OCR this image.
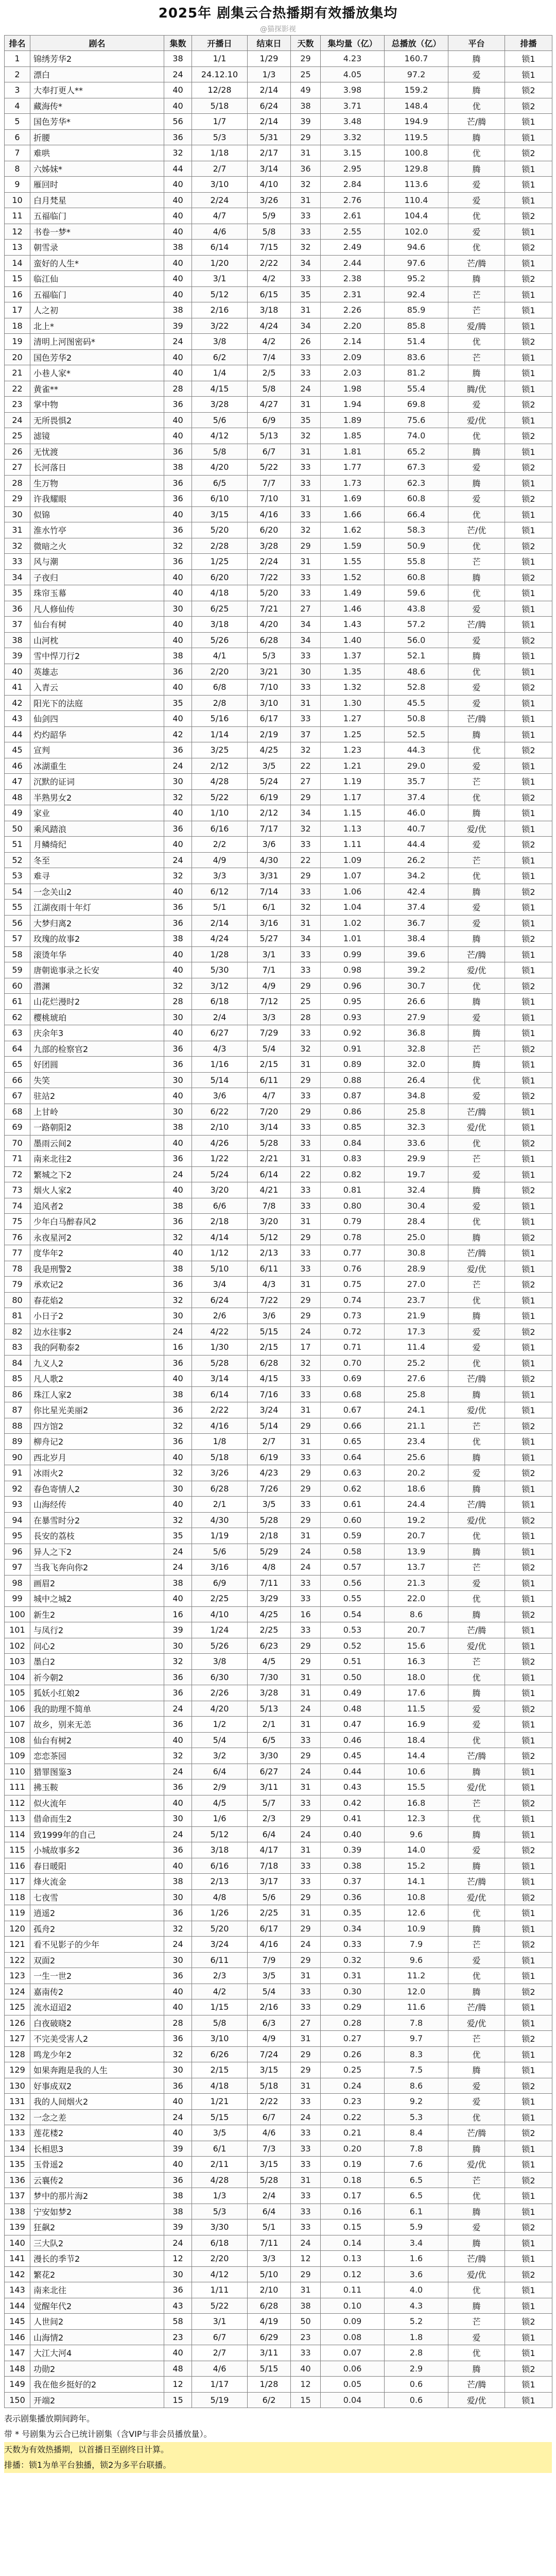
2025年 剧集云合热播期有效播放集均
@猫探影视
排名	剧名	集数	开播日	结束日	天数	集均量（亿）	总播放（亿）	平台	排播
1	锦绣芳华2	38	1/1	1/29	29	4.23	160.7	腾	锁1
2	漂白	24	24.12.10	1/3	25	4.05	97.2	爱	锁1
3	大奉打更人**	40	12/28	2/14	49	3.98	159.2	腾	锁2
4	藏海传*	40	5/18	6/24	38	3.71	148.4	优	锁2
5	国色芳华*	56	1/7	2/14	39	3.48	194.9	芒/腾	锁1
6	折腰	36	5/3	5/31	29	3.32	119.5	腾	锁1
7	难哄	32	1/18	2/17	31	3.15	100.8	优	锁2
8	六姊妹*	44	2/7	3/14	36	2.95	129.8	腾	锁1
9	雁回时	40	3/10	4/10	32	2.84	113.6	爱	锁1
10	白月梵星	40	2/24	3/26	31	2.76	110.4	爱	锁1
11	五福临门	40	4/7	5/9	33	2.61	104.4	优	锁2
12	书卷一梦*	40	4/6	5/8	33	2.55	102.0	爱	锁1
13	朝雪录	38	6/14	7/15	32	2.49	94.6	优	锁2
14	蛮好的人生*	40	1/20	2/22	34	2.44	97.6	芒/腾	锁1
15	临江仙	40	3/1	4/2	33	2.38	95.2	腾	锁2
16	五福临门	40	5/12	6/15	35	2.31	92.4	芒	锁1
17	人之初	38	2/16	3/18	31	2.26	85.9	芒	锁1
18	北上*	39	3/22	4/24	34	2.20	85.8	爱/腾	锁1
19	清明上河图密码*	24	3/8	4/2	26	2.14	51.4	优	锁2
20	国色芳华2	40	6/2	7/4	33	2.09	83.6	芒	锁1
21	小巷人家*	40	1/4	2/5	33	2.03	81.2	腾	锁1
22	黄雀**	28	4/15	5/8	24	1.98	55.4	腾/优	锁1
23	掌中物	36	3/28	4/27	31	1.94	69.8	爱	锁2
24	无所畏惧2	40	5/6	6/9	35	1.89	75.6	爱/优	锁1
25	滤镜	40	4/12	5/13	32	1.85	74.0	优	锁2
26	无忧渡	36	5/8	6/7	31	1.81	65.2	腾	锁1
27	长河落日	38	4/20	5/22	33	1.77	67.3	爱	锁2
28	生万物	36	6/5	7/7	33	1.73	62.3	腾	锁1
29	许我耀眼	36	6/10	7/10	31	1.69	60.8	爱	锁2
30	似锦	40	3/15	4/16	33	1.66	66.4	优	锁1
31	淮水竹亭	36	5/20	6/20	32	1.62	58.3	芒/优	锁1
32	微暗之火	32	2/28	3/28	29	1.59	50.9	优	锁2
33	风与潮	36	1/25	2/24	31	1.55	55.8	芒	锁1
34	子夜归	40	6/20	7/22	33	1.52	60.8	腾	锁2
35	珠帘玉幕	40	4/18	5/20	33	1.49	59.6	优	锁1
36	凡人修仙传	30	6/25	7/21	27	1.46	43.8	爱	锁1
37	仙台有树	40	3/18	4/20	34	1.43	57.2	芒/腾	锁1
38	山河枕	40	5/26	6/28	34	1.40	56.0	爱	锁2
39	雪中悍刀行2	38	4/1	5/3	33	1.37	52.1	腾	锁1
40	英雄志	36	2/20	3/21	30	1.35	48.6	优	锁1
41	入青云	40	6/8	7/10	33	1.32	52.8	爱	锁2
42	阳光下的法庭	35	2/8	3/10	31	1.30	45.5	爱	锁1
43	仙剑四	40	5/16	6/17	33	1.27	50.8	芒/腾	锁1
44	灼灼韶华	42	1/14	2/19	37	1.25	52.5	腾	锁1
45	宣判	36	3/25	4/25	32	1.23	44.3	优	锁2
46	冰湖重生	24	2/12	3/5	22	1.21	29.0	爱	锁1
47	沉默的证词	30	4/28	5/24	27	1.19	35.7	芒	锁1
48	半熟男女2	32	5/22	6/19	29	1.17	37.4	优	锁2
49	家业	40	1/10	2/12	34	1.15	46.0	腾	锁1
50	乘风踏浪	36	6/16	7/17	32	1.13	40.7	爱/优	锁1
51	月鳞绮纪	40	2/2	3/6	33	1.11	44.4	爱	锁2
52	冬至	24	4/9	4/30	22	1.09	26.2	芒	锁1
53	难寻	32	3/3	3/31	29	1.07	34.2	优	锁1
54	一念关山2	40	6/12	7/14	33	1.06	42.4	腾	锁2
55	江湖夜雨十年灯	36	5/1	6/1	32	1.04	37.4	爱	锁1
56	大梦归离2	36	2/14	3/16	31	1.02	36.7	爱	锁1
57	玫瑰的故事2	38	4/24	5/27	34	1.01	38.4	腾	锁2
58	滚烫年华	40	1/28	3/1	33	0.99	39.6	芒/腾	锁1
59	唐朝诡事录之长安	40	5/30	7/1	33	0.98	39.2	爱/优	锁1
60	潜渊	32	3/12	4/9	29	0.96	30.7	优	锁2
61	山花烂漫时2	28	6/18	7/12	25	0.95	26.6	腾	锁1
62	樱桃琥珀	30	2/4	3/3	28	0.93	27.9	爱	锁1
63	庆余年3	40	6/27	7/29	33	0.92	36.8	腾	锁1
64	九部的检察官2	36	4/3	5/4	32	0.91	32.8	芒	锁2
65	好团圆	36	1/16	2/15	31	0.89	32.0	腾	锁1
66	失笑	30	5/14	6/11	29	0.88	26.4	优	锁1
67	驻站2	40	3/6	4/7	33	0.87	34.8	爱	锁2
68	上甘岭	30	6/22	7/20	29	0.86	25.8	芒/腾	锁1
69	一路朝阳2	38	2/10	3/14	33	0.85	32.3	爱/优	锁1
70	墨雨云间2	40	4/26	5/28	33	0.84	33.6	优	锁2
71	南来北往2	36	1/22	2/21	31	0.83	29.9	芒	锁1
72	繁城之下2	24	5/24	6/14	22	0.82	19.7	爱	锁1
73	烟火人家2	40	3/20	4/21	33	0.81	32.4	腾	锁2
74	追风者2	38	6/6	7/8	33	0.80	30.4	爱	锁1
75	少年白马醉春风2	36	2/18	3/20	31	0.79	28.4	优	锁1
76	永夜星河2	32	4/14	5/12	29	0.78	25.0	腾	锁2
77	度华年2	40	1/12	2/13	33	0.77	30.8	芒/腾	锁1
78	我是刑警2	38	5/10	6/11	33	0.76	28.9	爱/优	锁1
79	承欢记2	36	3/4	4/3	31	0.75	27.0	芒	锁2
80	春花焰2	32	6/24	7/22	29	0.74	23.7	优	锁1
81	小日子2	30	2/6	3/6	29	0.73	21.9	腾	锁1
82	边水往事2	24	4/22	5/15	24	0.72	17.3	爱	锁2
83	我的阿勒泰2	16	1/30	2/15	17	0.71	11.4	爱	锁1
84	九义人2	36	5/28	6/28	32	0.70	25.2	优	锁1
85	凡人歌2	40	3/14	4/15	33	0.69	27.6	芒/腾	锁2
86	珠江人家2	38	6/14	7/16	33	0.68	25.8	腾	锁1
87	你比星光美丽2	36	2/22	3/24	31	0.67	24.1	爱/优	锁1
88	四方馆2	32	4/16	5/14	29	0.66	21.1	芒	锁2
89	柳舟记2	36	1/8	2/7	31	0.65	23.4	优	锁1
90	西北岁月	40	5/18	6/19	33	0.64	25.6	腾	锁1
91	冰雨火2	32	3/26	4/23	29	0.63	20.2	爱	锁2
92	春色寄情人2	30	6/28	7/26	29	0.62	18.6	腾	锁1
93	山海经传	40	2/1	3/5	33	0.61	24.4	芒/腾	锁1
94	在暴雪时分2	32	4/30	5/28	29	0.60	19.2	爱/优	锁2
95	長安的荔枝	35	1/19	2/18	31	0.59	20.7	优	锁1
96	异人之下2	24	5/6	5/29	24	0.58	13.9	腾	锁1
97	当我飞奔向你2	24	3/16	4/8	24	0.57	13.7	芒	锁2
98	画眉2	38	6/9	7/11	33	0.56	21.3	爱	锁1
99	城中之城2	40	2/25	3/29	33	0.55	22.0	优	锁1
100	新生2	16	4/10	4/25	16	0.54	8.6	腾	锁2
101	与凤行2	39	1/24	2/25	33	0.53	20.7	芒/腾	锁1
102	问心2	30	5/26	6/23	29	0.52	15.6	爱/优	锁1
103	墨白2	32	3/8	4/5	29	0.51	16.3	芒	锁2
104	祈今朝2	36	6/30	7/30	31	0.50	18.0	优	锁1
105	狐妖小红娘2	36	2/26	3/28	31	0.49	17.6	腾	锁1
106	我的助理不简单	24	4/20	5/13	24	0.48	11.5	爱	锁2
107	故乡，别来无恙	36	1/2	2/1	31	0.47	16.9	爱	锁1
108	仙台有树2	40	5/4	6/5	33	0.46	18.4	优	锁1
109	恋恋茶园	32	3/2	3/30	29	0.45	14.4	芒/腾	锁2
110	猎罪图鉴3	24	6/4	6/27	24	0.44	10.6	腾	锁1
111	拂玉鞍	36	2/9	3/11	31	0.43	15.5	爱/优	锁1
112	似火流年	40	4/5	5/7	33	0.42	16.8	芒	锁2
113	借命而生2	30	1/6	2/3	29	0.41	12.3	优	锁1
114	致1999年的自己	24	5/12	6/4	24	0.40	9.6	腾	锁1
115	小城故事多2	36	3/18	4/17	31	0.39	14.0	爱	锁2
116	春日暖阳	40	6/16	7/18	33	0.38	15.2	腾	锁1
117	烽火流金	38	2/13	3/17	33	0.37	14.1	芒/腾	锁1
118	七夜雪	30	4/8	5/6	29	0.36	10.8	爱/优	锁2
119	逍遥2	36	1/26	2/25	31	0.35	12.6	优	锁1
120	孤舟2	32	5/20	6/17	29	0.34	10.9	腾	锁1
121	看不见影子的少年	24	3/24	4/16	24	0.33	7.9	芒	锁2
122	双面2	30	6/11	7/9	29	0.32	9.6	爱	锁1
123	一生一世2	36	2/3	3/5	31	0.31	11.2	优	锁1
124	嘉南传2	40	4/2	5/4	33	0.30	12.0	腾	锁2
125	流水迢迢2	40	1/15	2/16	33	0.29	11.6	芒/腾	锁1
126	白夜破晓2	28	5/8	6/3	27	0.28	7.8	爱/优	锁1
127	不完美受害人2	36	3/10	4/9	31	0.27	9.7	芒	锁2
128	鸣龙少年2	32	6/26	7/24	29	0.26	8.3	优	锁1
129	如果奔跑是我的人生	30	2/15	3/15	29	0.25	7.5	腾	锁1
130	好事成双2	36	4/18	5/18	31	0.24	8.6	爱	锁2
131	我的人间烟火2	40	1/21	2/22	33	0.23	9.2	爱	锁1
132	一念之差	24	5/15	6/7	24	0.22	5.3	优	锁1
133	莲花楼2	40	3/5	4/6	33	0.21	8.4	芒/腾	锁2
134	长相思3	39	6/1	7/3	33	0.20	7.8	腾	锁1
135	玉骨遥2	40	2/11	3/15	33	0.19	7.6	爱/优	锁1
136	云襄传2	36	4/28	5/28	31	0.18	6.5	芒	锁2
137	梦中的那片海2	38	1/3	2/4	33	0.17	6.5	优	锁1
138	宁安如梦2	38	5/3	6/4	33	0.16	6.1	腾	锁1
139	狂飙2	39	3/30	5/1	33	0.15	5.9	爱	锁2
140	三大队2	24	6/18	7/11	24	0.14	3.4	腾	锁1
141	漫长的季节2	12	2/20	3/3	12	0.13	1.6	芒/腾	锁1
142	繁花2	30	4/12	5/10	29	0.12	3.6	爱/优	锁2
143	南来北往	36	1/11	2/10	31	0.11	4.0	优	锁1
144	觉醒年代2	43	5/22	6/28	38	0.10	4.3	腾	锁1
145	人世间2	58	3/1	4/19	50	0.09	5.2	芒	锁2
146	山海情2	23	6/7	6/29	23	0.08	1.8	爱	锁1
147	大江大河4	40	2/7	3/11	33	0.07	2.8	优	锁1
148	功勋2	48	4/6	5/15	40	0.06	2.9	腾	锁2
149	我在他乡挺好的2	12	1/17	1/28	12	0.05	0.6	芒/腾	锁1
150	开端2	15	5/19	6/2	15	0.04	0.6	爱/优	锁1
表示剧集播放期间跨年。
带 * 号剧集为云合已统计剧集（含VIP与非会员播放量）。
天数为有效热播期，以首播日至剧终日计算。
排播：锁1为单平台独播，锁2为多平台联播。
